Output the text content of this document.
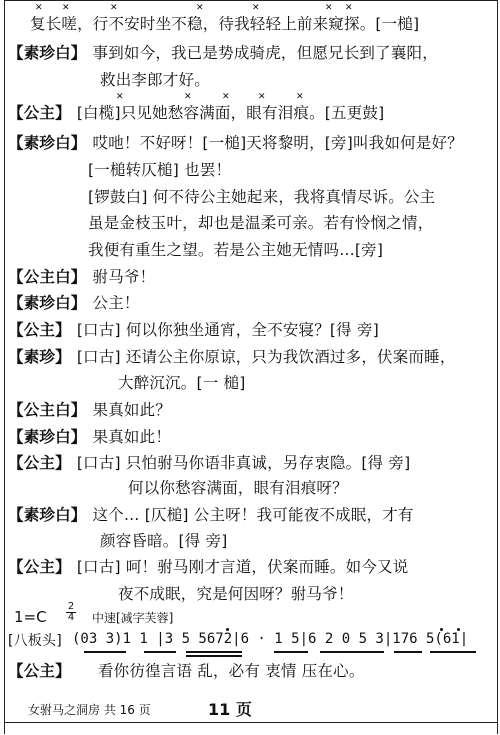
复长嗟，行不安时坐不稳，待我轻轻上前来窥探。[一槌]
【素珍白】 事到如今，我已是势成骑虎，但愿兄长到了襄阳，
救出李郎才好。
【公主】 [白榄]只见她愁容满面，眼有泪痕。[五更鼓]
【素珍白】 哎吔！不好呀！[一槌]天将黎明，[旁]叫我如何是好？
[一槌转仄槌] 也罢！
[锣鼓白] 何不待公主她起来，我将真情尽诉。公主
虽是金枝玉叶，却也是温柔可亲。若有怜悯之情，
我便有重生之望。若是公主她无情吗…[旁]
【公主白】 驸马爷！
【素珍白】 公主！
【公主】 [口古] 何以你独坐通宵，全不安寝？[得 旁]
【素珍】 [口古] 还请公主你原谅，只为我饮酒过多，伏案而睡，
大醉沉沉。[一 槌]
【公主白】 果真如此？
【素珍白】 果真如此！
【公主】 [口古] 只怕驸马你语非真诚，另存衷隐。[得 旁]
何以你愁容满面，眼有泪痕呀？
【素珍白】 这个… [仄槌] 公主呀！我可能夜不成眠，才有
颜容昏暗。[得 旁]
【公主】 [口古] 呵！驸马刚才言道，伏案而睡。如今又说
夜不成眠，究是何因呀？驸马爷！
✕ ✕	✕	✕	✕	✕ ✕
✕	✕	✕	✕	✕
1=C
2
4 中速[减字芙蓉]
[八板头] (03 3)1 1 |3 5 5672|6 · 1 5|6 2 0 5 3|176 5(61|
【公主】 看你彷徨言语 乱，必有 衷情 压在心。
女驸马之洞房 共 16 页	11 页
